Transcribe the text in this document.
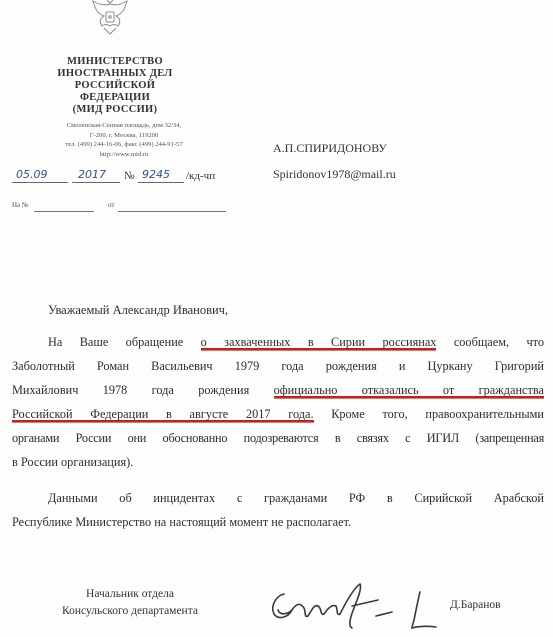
МИНИСТЕРСТВО
ИНОСТРАННЫХ ДЕЛ
РОССИЙСКОЙ ФЕДЕРАЦИИ
(МИД РОССИИ)
Смоленская-Сенная площадь, дом 32/34,
Г-200, г. Москва, 119200
тел. (499) 244-16-06, факс (499) 244-91-57
http://www.mid.ru
05.09	2017 № 9245 /кд-чп
На №	от
А.П.СПИРИДОНОВУ
Spiridonov1978@mail.ru
Уважаемый Александр Иванович,
На Ваше обращение о захваченных в Сирии россиянах сообщаем, что
Заболотный Роман Васильевич 1979 года рождения и Цуркану Григорий
Михайлович 1978 года рождения официально отказались от гражданства
Российской Федерации в августе 2017 года. Кроме того, правоохранительными
органами России они обоснованно подозреваются в связях с ИГИЛ (запрещенная
в России организация).
Данными об инцидентах с гражданами РФ в Сирийской Арабской
Республике Министерство на настоящий момент не располагает.
Начальник отдела
Консульского департамента	Д.Баранов
